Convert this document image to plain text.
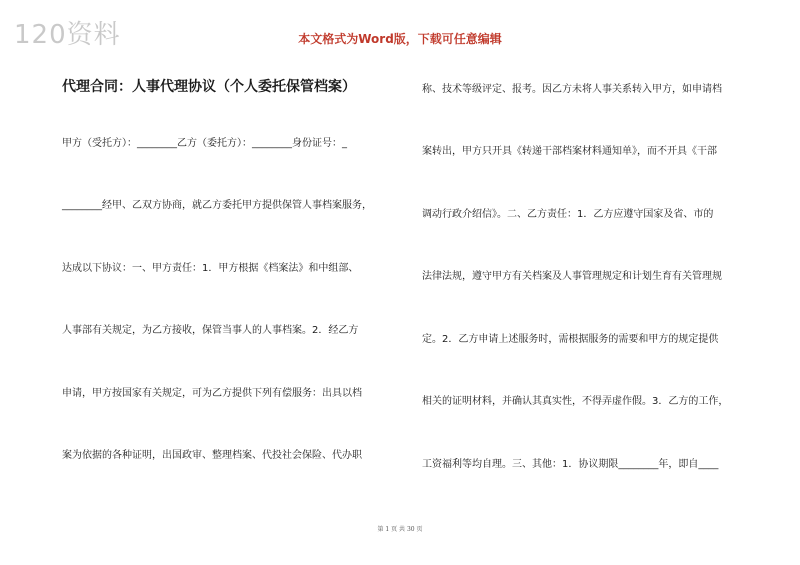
120资料	本文格式为Word版，下载可任意编辑
代理合同：人事代理协议（个人委托保管档案）
甲方（受托方）：________乙方（委托方）：________身份证号：_
________经甲、乙双方协商，就乙方委托甲方提供保管人事档案服务，
达成以下协议：一、甲方责任：1．甲方根据《档案法》和中组部、
人事部有关规定，为乙方接收，保管当事人的人事档案。2．经乙方
申请，甲方按国家有关规定，可为乙方提供下列有偿服务：出具以档
案为依据的各种证明，出国政审、整理档案、代投社会保险、代办职
称、技术等级评定、报考。因乙方未将人事关系转入甲方，如申请档
案转出，甲方只开具《转递干部档案材料通知单》，而不开具《干部
调动行政介绍信》。二、乙方责任：1．乙方应遵守国家及省、市的
法律法规，遵守甲方有关档案及人事管理规定和计划生育有关管理规
定。2．乙方申请上述服务时，需根据服务的需要和甲方的规定提供
相关的证明材料，并确认其真实性，不得弄虚作假。3．乙方的工作，
工资福利等均自理。三、其他：1．协议期限________年，即自____
第 1 页 共 30 页
